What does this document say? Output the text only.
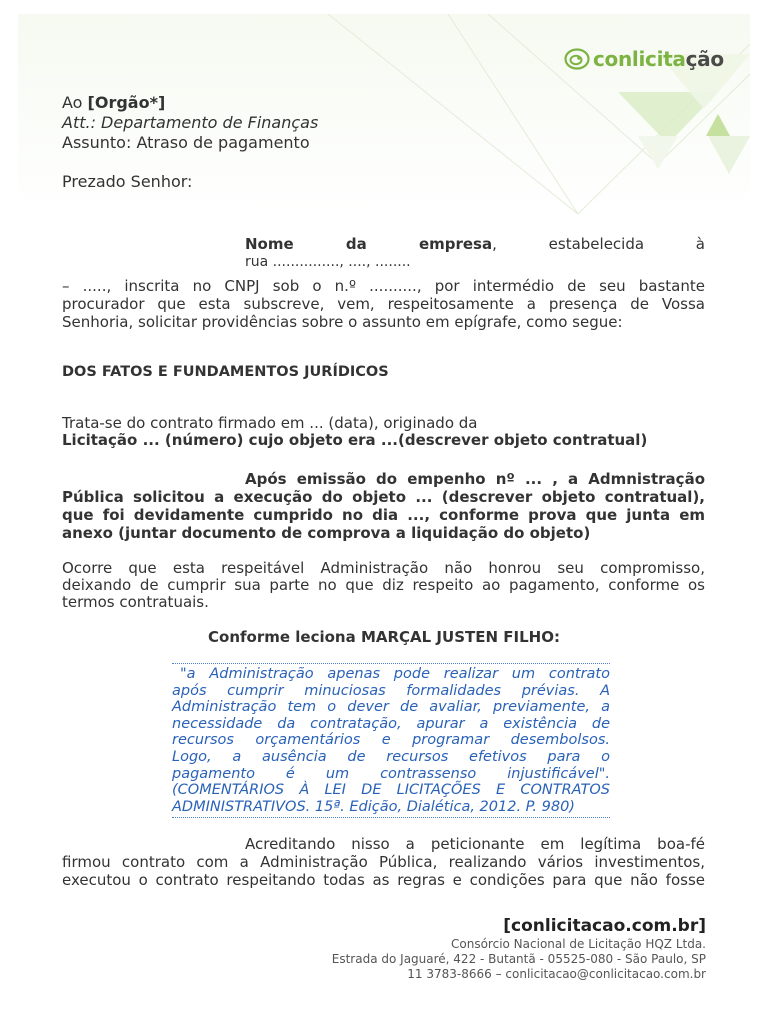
conlicitação
Ao [Orgão*]
Att.: Departamento de Finanças
Assunto: Atraso de pagamento
Prezado Senhor:
Nome da empresa, estabelecida à
rua ..............., ...., ........
– ....., inscrita no CNPJ sob o n.º .........., por intermédio de seu bastante
procurador que esta subscreve, vem, respeitosamente a presença de Vossa
Senhoria, solicitar providências sobre o assunto em epígrafe, como segue:
DOS FATOS E FUNDAMENTOS JURÍDICOS
Trata-se do contrato firmado em ... (data), originado da
Licitação ... (número) cujo objeto era ...(descrever objeto contratual)
Após emissão do empenho nº ... , a Admnistração
Pública solicitou a execução do objeto ... (descrever objeto contratual),
que foi devidamente cumprido no dia ..., conforme prova que junta em
anexo (juntar documento de comprova a liquidação do objeto)
Ocorre que esta respeitável Administração não honrou seu compromisso,
deixando de cumprir sua parte no que diz respeito ao pagamento, conforme os
termos contratuais.
Conforme leciona MARÇAL JUSTEN FILHO:

"a Administração apenas pode realizar um contrato
após cumprir minuciosas formalidades prévias. A
Administração tem o dever de avaliar, previamente, a
necessidade da contratação, apurar a existência de
recursos orçamentários e programar desembolsos.
Logo, a ausência de recursos efetivos para o
pagamento é um contrassenso injustificável".
(COMENTÁRIOS À LEI DE LICITAÇÕES E CONTRATOS
ADMINISTRATIVOS. 15ª. Edição, Dialética, 2012. P. 980)

Acreditando nisso a peticionante em legítima boa-fé
firmou contrato com a Administração Pública, realizando vários investimentos,
executou o contrato respeitando todas as regras e condições para que não fosse
[conlicitacao.com.br]
Consórcio Nacional de Licitação HQZ Ltda.
Estrada do Jaguaré, 422 - Butantã - 05525-080 - São Paulo, SP
11 3783-8666 – conlicitacao@conlicitacao.com.br
